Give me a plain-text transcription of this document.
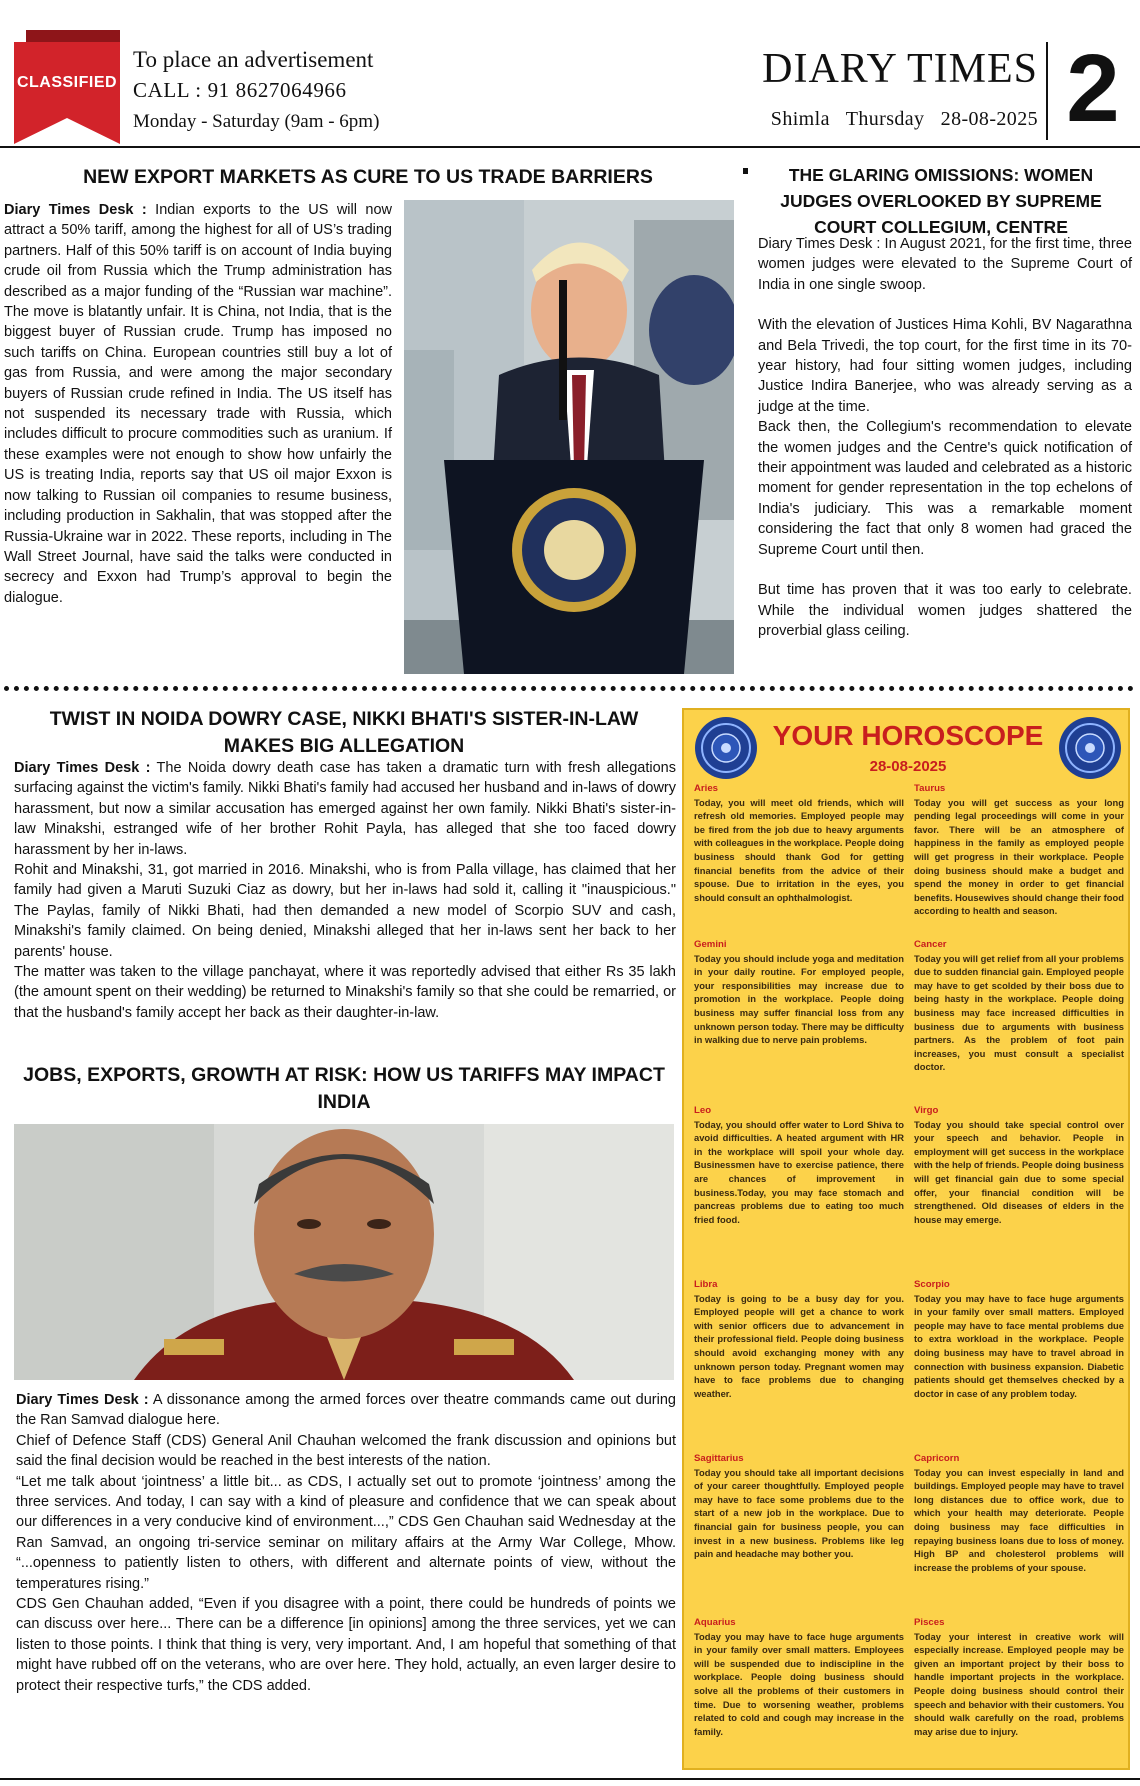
CLASSIFIED
To place an advertisement
CALL : 91 8627064966
Monday - Saturday (9am - 6pm)
DIARY TIMES
Shimla Thursday 28-08-2025 2
NEW EXPORT MARKETS AS CURE TO US TRADE BARRIERS

Diary Times Desk : Indian exports to the US will now attract a 50% tariff, among the highest for all of US’s trading partners. Half of this 50% tariff is on account of India buying crude oil from Russia which the Trump administration has described as a major funding of the “Russian war machine”. The move is blatantly unfair. It is China, not India, that is the biggest buyer of Russian crude. Trump has imposed no such tariffs on China. European countries still buy a lot of gas from Russia, and were among the major secondary buyers of Russian crude refined in India. The US itself has not suspended its necessary trade with Russia, which includes difficult to procure commodities such as uranium. If these examples were not enough to show how unfairly the US is treating India, reports say that US oil major Exxon is now talking to Russian oil companies to resume business, including production in Sakhalin, that was stopped after the Russia-Ukraine war in 2022. These reports, including in The Wall Street Journal, have said the talks were conducted in secrecy and Exxon had Trump’s approval to begin the dialogue.

THE GLARING OMISSIONS: WOMEN JUDGES OVERLOOKED BY SUPREME COURT COLLEGIUM, CENTRE

Diary Times Desk : In August 2021, for the first time, three women judges were elevated to the Supreme Court of India in one single swoop.

With the elevation of Justices Hima Kohli, BV Nagarathna and Bela Trivedi, the top court, for the first time in its 70-year history, had four sitting women judges, including Justice Indira Banerjee, who was already serving as a judge at the time.

Back then, the Collegium's recommendation to elevate the women judges and the Centre's quick notification of their appointment was lauded and celebrated as a historic moment for gender representation in the top echelons of India's judiciary. This was a remarkable moment considering the fact that only 8 women had graced the Supreme Court until then.

But time has proven that it was too early to celebrate. While the individual women judges shattered the proverbial glass ceiling.

TWIST IN NOIDA DOWRY CASE, NIKKI BHATI'S SISTER-IN-LAW MAKES BIG ALLEGATION

Diary Times Desk : The Noida dowry death case has taken a dramatic turn with fresh allegations surfacing against the victim's family. Nikki Bhati's family had accused her husband and in-laws of dowry harassment, but now a similar accusation has emerged against her own family. Nikki Bhati's sister-in-law Minakshi, estranged wife of her brother Rohit Payla, has alleged that she too faced dowry harassment by her in-laws.

Rohit and Minakshi, 31, got married in 2016. Minakshi, who is from Palla village, has claimed that her family had given a Maruti Suzuki Ciaz as dowry, but her in-laws had sold it, calling it "inauspicious." The Paylas, family of Nikki Bhati, had then demanded a new model of Scorpio SUV and cash, Minakshi's family claimed. On being denied, Minakshi alleged that her in-laws sent her back to her parents' house.

The matter was taken to the village panchayat, where it was reportedly advised that either Rs 35 lakh (the amount spent on their wedding) be returned to Minakshi's family so that she could be remarried, or that the husband's family accept her back as their daughter-in-law.

JOBS, EXPORTS, GROWTH AT RISK: HOW US TARIFFS MAY IMPACT INDIA

Diary Times Desk : A dissonance among the armed forces over theatre commands came out during the Ran Samvad dialogue here.

Chief of Defence Staff (CDS) General Anil Chauhan welcomed the frank discussion and opinions but said the final decision would be reached in the best interests of the nation.

“Let me talk about ‘jointness’ a little bit... as CDS, I actually set out to promote ‘jointness’ among the three services. And today, I can say with a kind of pleasure and confidence that we can speak about our differences in a very conducive kind of environment...,” CDS Gen Chauhan said Wednesday at the Ran Samvad, an ongoing tri-service seminar on military affairs at the Army War College, Mhow. “...openness to patiently listen to others, with different and alternate points of view, without the temperatures rising.”

CDS Gen Chauhan added, “Even if you disagree with a point, there could be hundreds of points we can discuss over here... There can be a difference [in opinions] among the three services, yet we can listen to those points. I think that thing is very, very important. And, I am hopeful that something of that might have rubbed off on the veterans, who are over here. They hold, actually, an even larger desire to protect their respective turfs,” the CDS added.

YOUR HOROSCOPE
28-08-2025
Aries
Today, you will meet old friends, which will refresh old memories. Employed people may be fired from the job due to heavy arguments with colleagues in the workplace. People doing business should thank God for getting financial benefits from the advice of their spouse. Due to irritation in the eyes, you should consult an ophthalmologist.
Taurus
Today you will get success as your long pending legal proceedings will come in your favor. There will be an atmosphere of happiness in the family as employed people will get progress in their workplace. People doing business should make a budget and spend the money in order to get financial benefits. Housewives should change their food according to health and season.
Gemini
Today you should include yoga and meditation in your daily routine. For employed people, your responsibilities may increase due to promotion in the workplace. People doing business may suffer financial loss from any unknown person today. There may be difficulty in walking due to nerve pain problems.
Cancer
Today you will get relief from all your problems due to sudden financial gain. Employed people may have to get scolded by their boss due to being hasty in the workplace. People doing business may face increased difficulties in business due to arguments with business partners. As the problem of foot pain increases, you must consult a specialist doctor.
Leo
Today, you should offer water to Lord Shiva to avoid difficulties. A heated argument with HR in the workplace will spoil your whole day. Businessmen have to exercise patience, there are chances of improvement in business.Today, you may face stomach and pancreas problems due to eating too much fried food.
Virgo
Today you should take special control over your speech and behavior. People in employment will get success in the workplace with the help of friends. People doing business will get financial gain due to some special offer, your financial condition will be strengthened. Old diseases of elders in the house may emerge.
Libra
Today is going to be a busy day for you. Employed people will get a chance to work with senior officers due to advancement in their professional field. People doing business should avoid exchanging money with any unknown person today. Pregnant women may have to face problems due to changing weather.
Scorpio
Today you may have to face huge arguments in your family over small matters. Employed people may have to face mental problems due to extra workload in the workplace. People doing business may have to travel abroad in connection with business expansion. Diabetic patients should get themselves checked by a doctor in case of any problem today.
Sagittarius
Today you should take all important decisions of your career thoughtfully. Employed people may have to face some problems due to the start of a new job in the workplace. Due to financial gain for business people, you can invest in a new business. Problems like leg pain and headache may bother you.
Capricorn
Today you can invest especially in land and buildings. Employed people may have to travel long distances due to office work, due to which your health may deteriorate. People doing business may face difficulties in repaying business loans due to loss of money. High BP and cholesterol problems will increase the problems of your spouse.
Aquarius
Today you may have to face huge arguments in your family over small matters. Employees will be suspended due to indiscipline in the workplace. People doing business should solve all the problems of their customers in time. Due to worsening weather, problems related to cold and cough may increase in the family.
Pisces
Today your interest in creative work will especially increase. Employed people may be given an important project by their boss to handle important projects in the workplace. People doing business should control their speech and behavior with their customers. You should walk carefully on the road, problems may arise due to injury.
